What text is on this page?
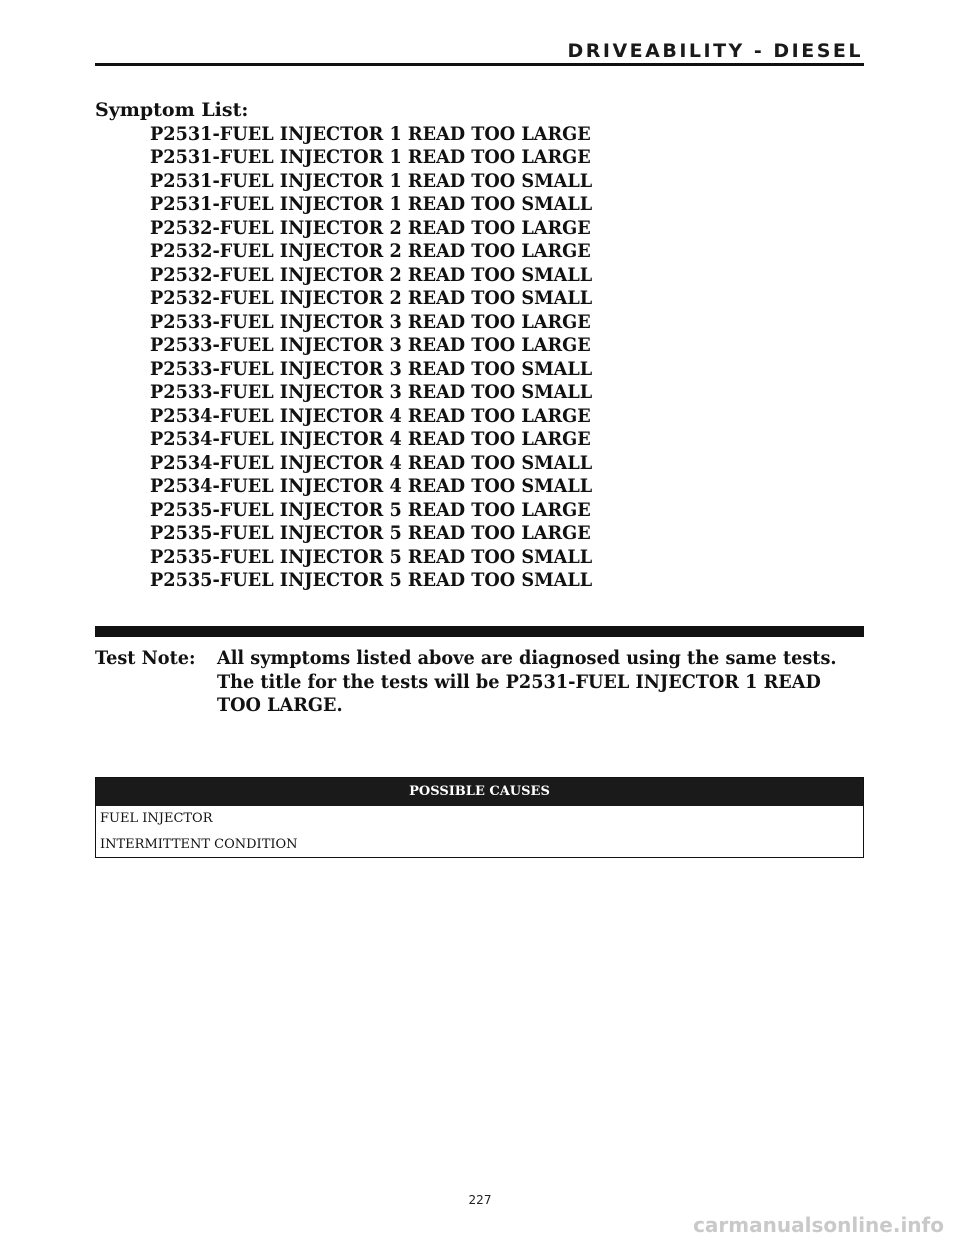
DRIVEABILITY - DIESEL
Symptom List:
P2531-FUEL INJECTOR 1 READ TOO LARGE
P2531-FUEL INJECTOR 1 READ TOO LARGE
P2531-FUEL INJECTOR 1 READ TOO SMALL
P2531-FUEL INJECTOR 1 READ TOO SMALL
P2532-FUEL INJECTOR 2 READ TOO LARGE
P2532-FUEL INJECTOR 2 READ TOO LARGE
P2532-FUEL INJECTOR 2 READ TOO SMALL
P2532-FUEL INJECTOR 2 READ TOO SMALL
P2533-FUEL INJECTOR 3 READ TOO LARGE
P2533-FUEL INJECTOR 3 READ TOO LARGE
P2533-FUEL INJECTOR 3 READ TOO SMALL
P2533-FUEL INJECTOR 3 READ TOO SMALL
P2534-FUEL INJECTOR 4 READ TOO LARGE
P2534-FUEL INJECTOR 4 READ TOO LARGE
P2534-FUEL INJECTOR 4 READ TOO SMALL
P2534-FUEL INJECTOR 4 READ TOO SMALL
P2535-FUEL INJECTOR 5 READ TOO LARGE
P2535-FUEL INJECTOR 5 READ TOO LARGE
P2535-FUEL INJECTOR 5 READ TOO SMALL
P2535-FUEL INJECTOR 5 READ TOO SMALL
Test Note: All symptoms listed above are diagnosed using the same tests.
The title for the tests will be P2531-FUEL INJECTOR 1 READ
TOO LARGE.
POSSIBLE CAUSES
FUEL INJECTOR
INTERMITTENT CONDITION
227
carmanualsonline.info
